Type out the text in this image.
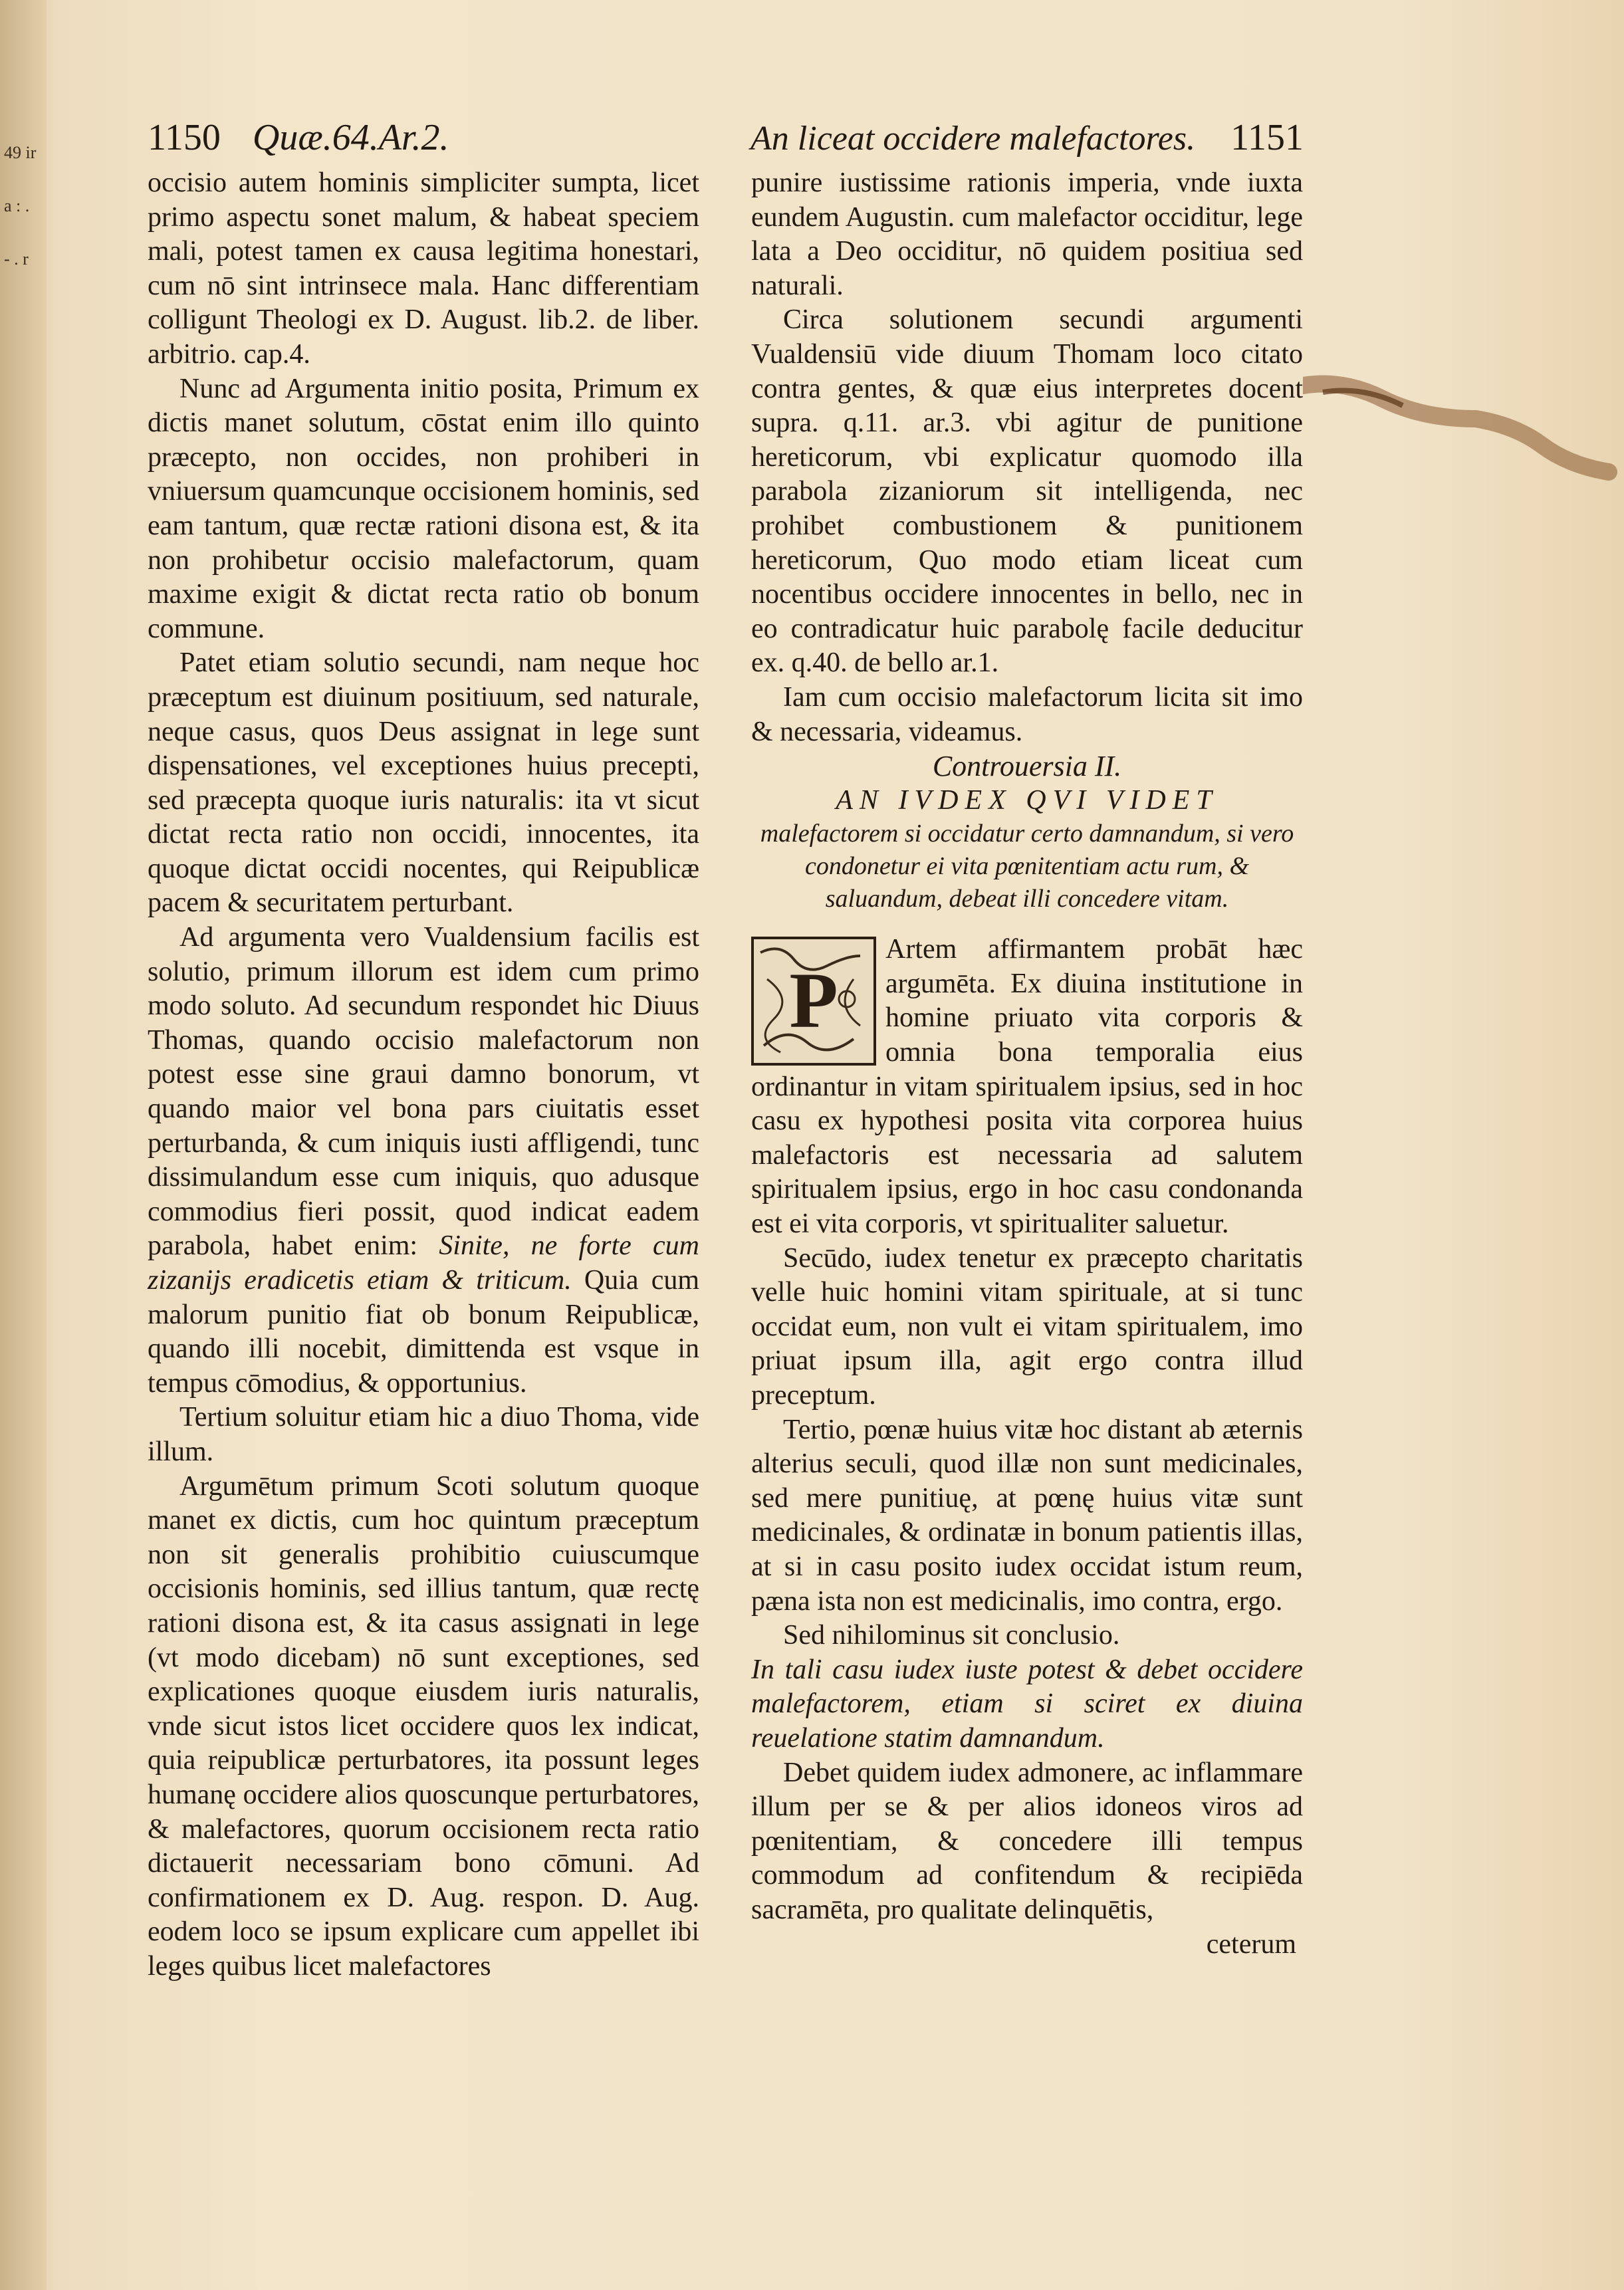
49 ir a : . - . r
1150 Quæ.64.Ar.2.	An liceat occidere malefactores. 1151

occisio autem hominis simpliciter sumpta, licet primo aspectu sonet malum, & habeat speciem mali, potest tamen ex causa legitima honestari, cum nō sint intrinsece mala. Hanc differentiam colligunt Theologi ex D. August. lib.2. de liber. arbitrio. cap.4.

Nunc ad Argumenta initio posita, Primum ex dictis manet solutum, cōstat enim illo quinto præcepto, non occides, non prohiberi in vniuersum quamcunque occisionem hominis, sed eam tantum, quæ rectæ rationi disona est, & ita non prohibetur occisio malefactorum, quam maxime exigit & dictat recta ratio ob bonum commune.

Patet etiam solutio secundi, nam neque hoc præceptum est diuinum positiuum, sed naturale, neque casus, quos Deus assignat in lege sunt dispensationes, vel exceptiones huius precepti, sed præcepta quoque iuris naturalis: ita vt sicut dictat recta ratio non occidi, innocentes, ita quoque dictat occidi nocentes, qui Reipublicæ pacem & securitatem perturbant.

Ad argumenta vero Vualdensium facilis est solutio, primum illorum est idem cum primo modo soluto. Ad secundum respondet hic Diuus Thomas, quando occisio malefactorum non potest esse sine graui damno bonorum, vt quando maior vel bona pars ciuitatis esset perturbanda, & cum iniquis iusti affligendi, tunc dissimulandum esse cum iniquis, quo adusque commodius fieri possit, quod indicat eadem parabola, habet enim: Sinite, ne forte cum zizanijs eradicetis etiam & triticum. Quia cum malorum punitio fiat ob bonum Reipublicæ, quando illi nocebit, dimittenda est vsque in tempus cōmodius, & opportunius.

Tertium soluitur etiam hic a diuo Thoma, vide illum.

Argumētum primum Scoti solutum quoque manet ex dictis, cum hoc quintum præceptum non sit generalis prohibitio cuiuscumque occisionis hominis, sed illius tantum, quæ rectę rationi disona est, & ita casus assignati in lege (vt modo dicebam) nō sunt exceptiones, sed explicationes quoque eiusdem iuris naturalis, vnde sicut istos licet occidere quos lex indicat, quia reipublicæ perturbatores, ita possunt leges humanę occidere alios quoscunque perturbatores, & malefactores, quorum occisionem recta ratio dictauerit necessariam bono cōmuni. Ad confirmationem ex D. Aug. respon. D. Aug. eodem loco se ipsum explicare cum appellet ibi leges quibus licet malefactores

punire iustissime rationis imperia, vnde iuxta eundem Augustin. cum malefactor occiditur, lege lata a Deo occiditur, nō quidem positiua sed naturali.

Circa solutionem secundi argumenti Vualdensiū vide diuum Thomam loco citato contra gentes, & quæ eius interpretes docent supra. q.11. ar.3. vbi agitur de punitione hereticorum, vbi explicatur quomodo illa parabola zizaniorum sit intelligenda, nec prohibet combustionem & punitionem hereticorum, Quo modo etiam liceat cum nocentibus occidere innocentes in bello, nec in eo contradicatur huic parabolę facile deducitur ex. q.40. de bello ar.1.

Iam cum occisio malefactorum licita sit imo & necessaria, videamus.

Controuersia II.

AN IVDEX QVI VIDET

malefactorem si occidatur certo damnandum, si vero condonetur ei vita pœnitentiam actu rum, & saluandum, debeat illi concedere vitam.

P

Artem affirmantem probāt hæc argumēta. Ex diuina institutione in homine priuato vita corporis & omnia bona temporalia eius ordinantur in vitam spiritualem ipsius, sed in hoc casu ex hypothesi posita vita corporea huius malefactoris est necessaria ad salutem spiritualem ipsius, ergo in hoc casu condonanda est ei vita corporis, vt spiritualiter saluetur.

Secūdo, iudex tenetur ex præcepto charitatis velle huic homini vitam spirituale, at si tunc occidat eum, non vult ei vitam spiritualem, imo priuat ipsum illa, agit ergo contra illud preceptum.

Tertio, pœnæ huius vitæ hoc distant ab æternis alterius seculi, quod illæ non sunt medicinales, sed mere punitiuę, at pœnę huius vitæ sunt medicinales, & ordinatæ in bonum patientis illas, at si in casu posito iudex occidat istum reum, pæna ista non est medicinalis, imo contra, ergo.

Sed nihilominus sit conclusio.

In tali casu iudex iuste potest & debet occidere malefactorem, etiam si sciret ex diuina reuelatione statim damnandum.

Debet quidem iudex admonere, ac inflammare illum per se & per alios idoneos viros ad pœnitentiam, & concedere illi tempus commodum ad confitendum & recipiēda sacramēta, pro qualitate delinquētis,

ceterum
